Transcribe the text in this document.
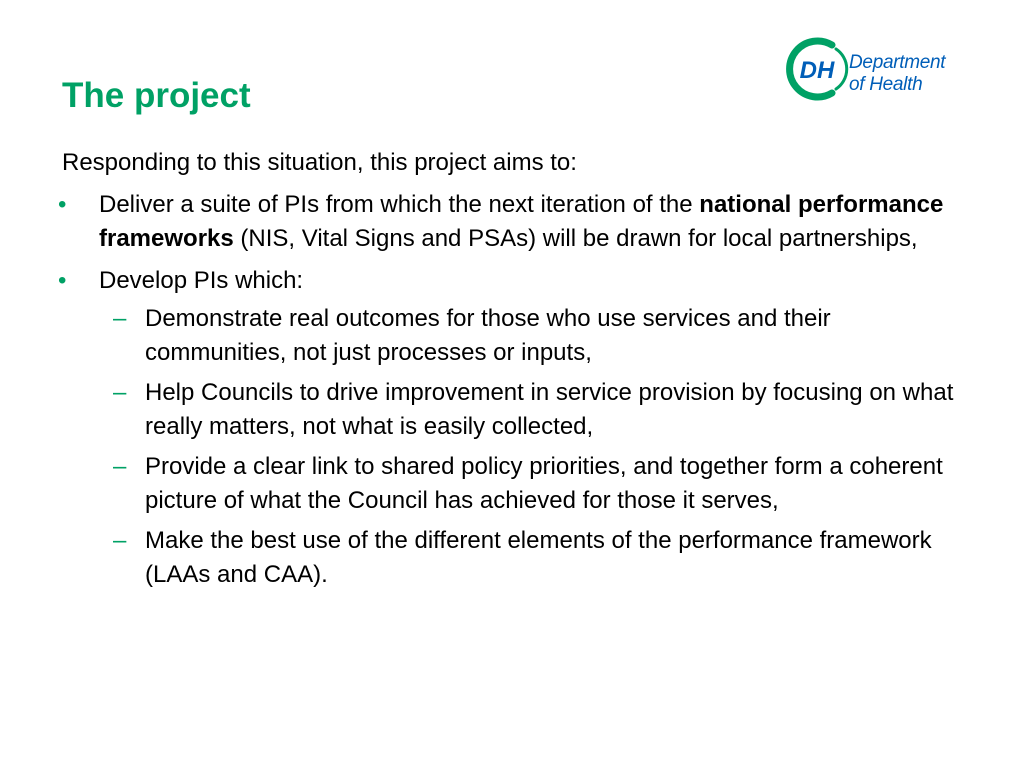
The project
DH Department
of Health

Responding to this situation, this project aims to:

• Deliver a suite of PIs from which the next iteration of the national performance frameworks (NIS, Vital Signs and PSAs) will be drawn for local partnerships,
• Develop PIs which:
– Demonstrate real outcomes for those who use services and their communities, not just processes or inputs,
– Help Councils to drive improvement in service provision by focusing on what really matters, not what is easily collected,
– Provide a clear link to shared policy priorities, and together form a coherent picture of what the Council has achieved for those it serves,
– Make the best use of the different elements of the performance framework (LAAs and CAA).
